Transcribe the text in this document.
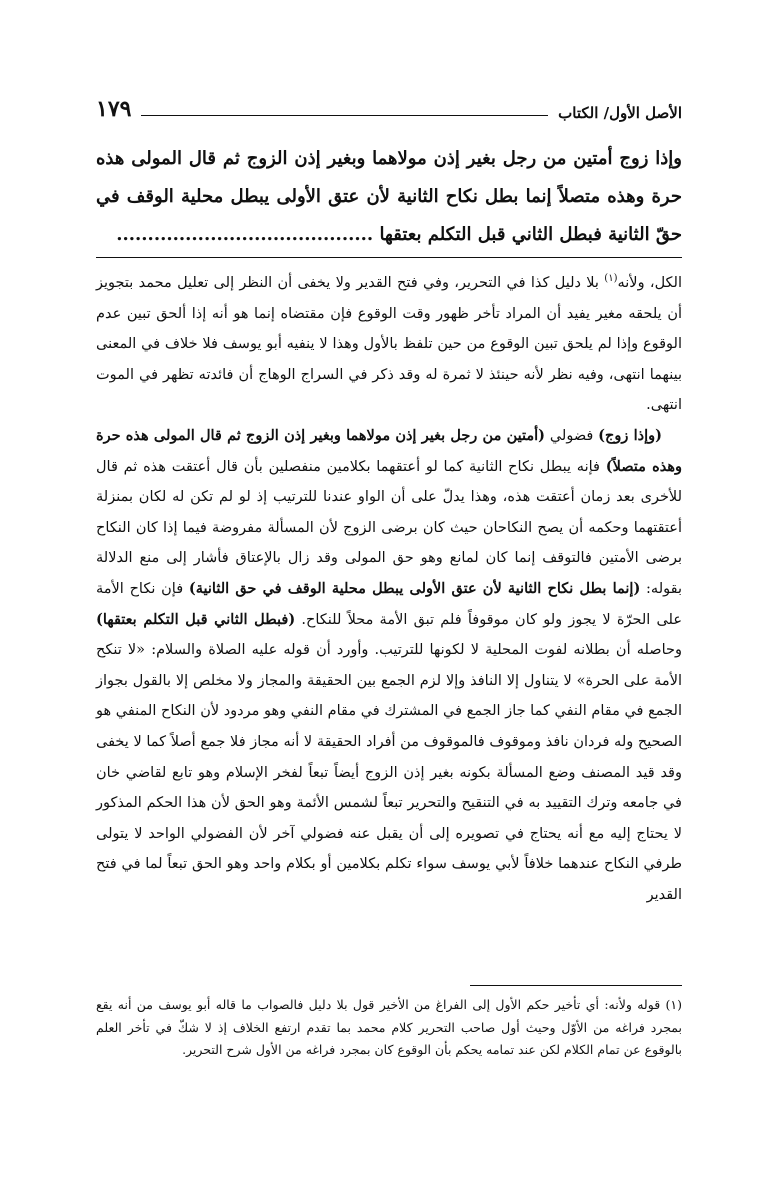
الأصل الأول/ الكتاب
١٧٩

وإذا زوج أمتين من رجل بغير إذن مولاهما وبغير إذن الزوج ثم قال المولى هذه حرة وهذه متصلاً إنما بطل نكاح الثانية لأن عتق الأولى يبطل محلية الوقف في حقّ الثانية فبطل الثاني قبل التكلم بعتقها .........................................

الكل، ولأنه$^{(١)}$ بلا دليل كذا في التحرير، وفي فتح القدير ولا يخفى أن النظر إلى تعليل محمد بتجويز أن يلحقه مغير يفيد أن المراد تأخر ظهور وقت الوقوع فإن مقتضاه إنما هو أنه إذا ألحق تبين عدم الوقوع وإذا لم يلحق تبين الوقوع من حين تلفظ بالأول وهذا لا ينفيه أبو يوسف فلا خلاف في المعنى بينهما انتهى، وفيه نظر لأنه حينئذ لا ثمرة له وقد ذكر في السراج الوهاج أن فائدته تظهر في الموت انتهى.

(وإذا زوج) فضولي (أمتين من رجل بغير إذن مولاهما وبغير إذن الزوج ثم قال المولى هذه حرة وهذه متصلاً) فإنه يبطل نكاح الثانية كما لو أعتقهما بكلامين منفصلين بأن قال أعتقت هذه ثم قال للأخرى بعد زمان أعتقت هذه، وهذا يدلّ على أن الواو عندنا للترتيب إذ لو لم تكن له لكان بمنزلة أعتقتهما وحكمه أن يصح النكاحان حيث كان برضى الزوج لأن المسألة مفروضة فيما إذا كان النكاح برضى الأمتين فالتوقف إنما كان لمانع وهو حق المولى وقد زال بالإعتاق فأشار إلى منع الدلالة بقوله: (إنما بطل نكاح الثانية لأن عتق الأولى يبطل محلية الوقف في حق الثانية) فإن نكاح الأمة على الحرّة لا يجوز ولو كان موقوفاً فلم تبق الأمة محلاً للنكاح. (فبطل الثاني قبل التكلم بعتقها) وحاصله أن بطلانه لفوت المحلية لا لكونها للترتيب. وأورد أن قوله عليه الصلاة والسلام: «لا تنكح الأمة على الحرة» لا يتناول إلا النافذ وإلا لزم الجمع بين الحقيقة والمجاز ولا مخلص إلا بالقول بجواز الجمع في مقام النفي كما جاز الجمع في المشترك في مقام النفي وهو مردود لأن النكاح المنفي هو الصحيح وله فردان نافذ وموقوف فالموقوف من أفراد الحقيقة لا أنه مجاز فلا جمع أصلاً كما لا يخفى وقد قيد المصنف وضع المسألة بكونه بغير إذن الزوج أيضاً تبعاً لفخر الإسلام وهو تابع لقاضي خان في جامعه وترك التقييد به في التنقيح والتحرير تبعاً لشمس الأئمة وهو الحق لأن هذا الحكم المذكور لا يحتاج إليه مع أنه يحتاج في تصويره إلى أن يقبل عنه فضولي آخر لأن الفضولي الواحد لا يتولى طرفي النكاح عندهما خلافاً لأبي يوسف سواء تكلم بكلامين أو بكلام واحد وهو الحق تبعاً لما في فتح القدير

(١) قوله ولأنه: أي تأخير حكم الأول إلى الفراغ من الأخير قول بلا دليل فالصواب ما قاله أبو يوسف من أنه يقع بمجرد فراغه من الأوّل وحيث أول صاحب التحرير كلام محمد بما تقدم ارتفع الخلاف إذ لا شكّ في تأخر العلم بالوقوع عن تمام الكلام لكن عند تمامه يحكم بأن الوقوع كان بمجرد فراغه من الأول شرح التحرير.
